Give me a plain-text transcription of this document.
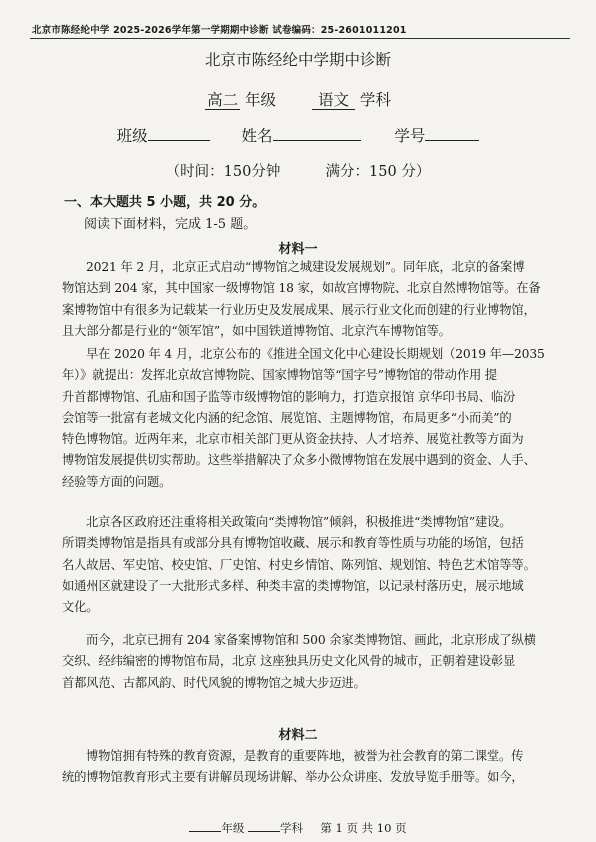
北京市陈经纶中学 2025-2026学年第一学期期中诊断 试卷编码：25-2601011201
北京市陈经纶中学期中诊断
高二 年级	语文 学科
班级	姓名	学号
（时间：150分钟	满分：150 分）
一、本大题共 5 小题，共 20 分。
阅读下面材料，完成 1-5 题。
材料一
2021 年 2 月，北京正式启动“博物馆之城建设发展规划”。同年底，北京的备案博
物馆达到 204 家，其中国家一级博物馆 18 家，如故宫博物院、北京自然博物馆等。在备
案博物馆中有很多为记载某一行业历史及发展成果、展示行业文化而创建的行业博物馆，
且大部分都是行业的“领军馆”，如中国铁道博物馆、北京汽车博物馆等。
早在 2020 年 4 月，北京公布的《推进全国文化中心建设长期规划（2019 年—2035
年）》就提出：发挥北京故宫博物院、国家博物馆等“国字号”博物馆的带动作用 提
升首都博物馆、孔庙和国子监等市级博物馆的影响力，打造京报馆 京华印书局、临汾
会馆等一批富有老城文化内涵的纪念馆、展览馆、主题博物馆，布局更多“小而美”的
特色博物馆。近两年来，北京市相关部门更从资金扶持、人才培养、展览社教等方面为
博物馆发展提供切实帮助。这些举措解决了众多小微博物馆在发展中遇到的资金、人手、
经验等方面的问题。
北京各区政府还注重将相关政策向“类博物馆”倾斜，积极推进“类博物馆”建设。
所谓类博物馆是指具有或部分具有博物馆收藏、展示和教育等性质与功能的场馆，包括
名人故居、军史馆、校史馆、厂史馆、村史乡情馆、陈列馆、规划馆、特色艺术馆等等。
如通州区就建设了一大批形式多样、种类丰富的类博物馆，以记录村落历史，展示地域
文化。
而今，北京已拥有 204 家备案博物馆和 500 余家类博物馆、画此，北京形成了纵横
交织、经纬编密的博物馆布局，北京 这座独具历史文化风骨的城市，正朝着建设彰显
首都风范、古都风韵、时代风貌的博物馆之城大步迈进。
材料二
博物馆拥有特殊的教育资源，是教育的重要阵地，被誉为社会教育的第二课堂。传
统的博物馆教育形式主要有讲解员现场讲解、举办公众讲座、发放导览手册等。如今，
年级	学科 第 1 页 共 10 页
